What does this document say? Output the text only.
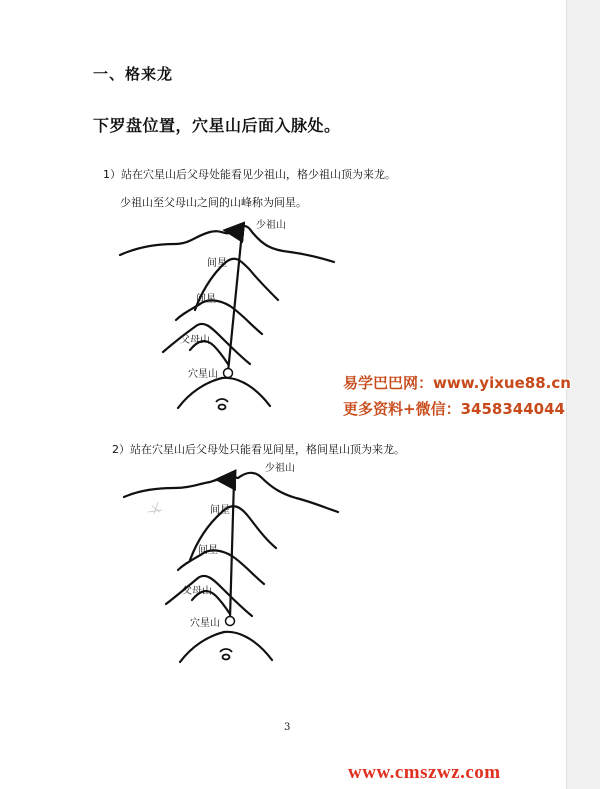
一、格来龙
下罗盘位置，穴星山后面入脉处。
1）站在穴星山后父母处能看见少祖山，格少祖山顶为来龙。
少祖山至父母山之间的山峰称为间星。
少祖山
间星
间星
父母山
穴星山
2）站在穴星山后父母处只能看见间星，格间星山顶为来龙。
少祖山
间星
间星
父母山
穴星山
3
易学巴巴网：www.yixue88.cn
更多资料+微信：3458344044
www.cmszwz.com
